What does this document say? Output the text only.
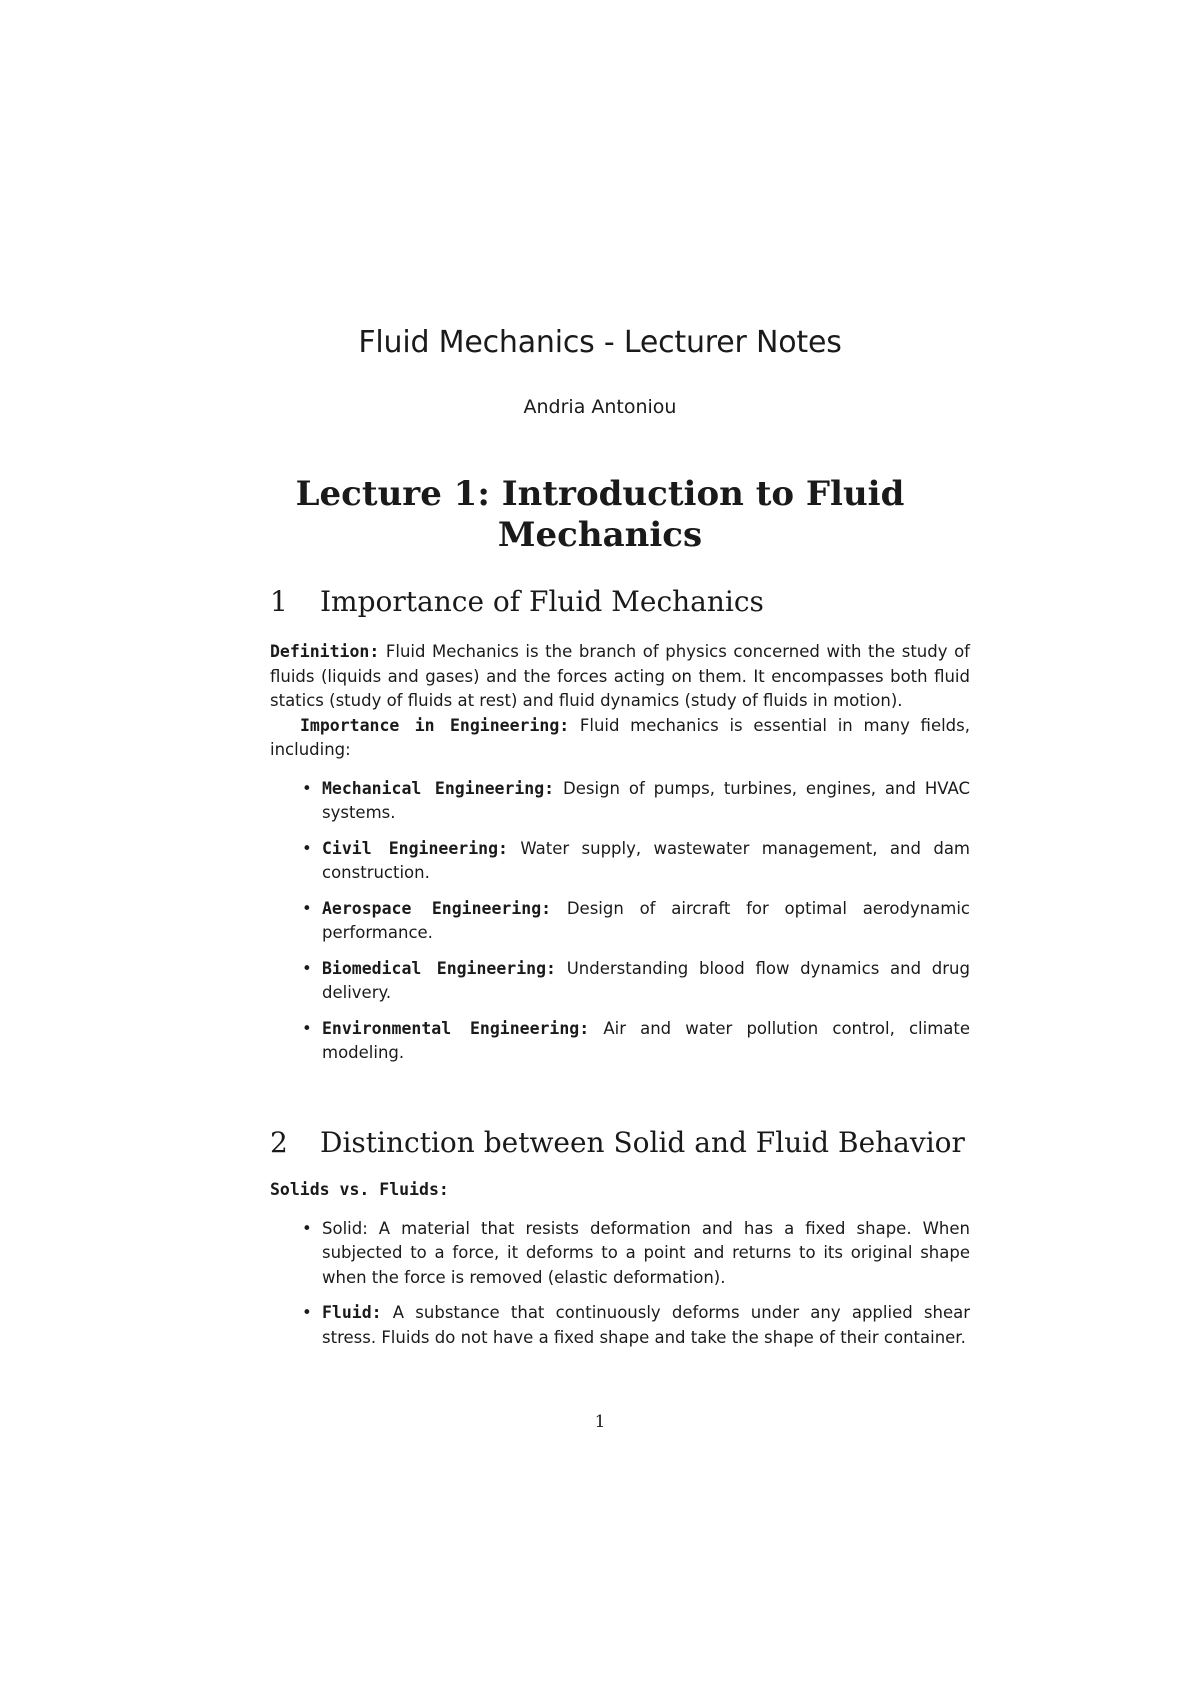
Fluid Mechanics - Lecturer Notes
Andria Antoniou
Lecture 1: Introduction to Fluid
Mechanics
1 Importance of Fluid Mechanics

Definition: Fluid Mechanics is the branch of physics concerned with the study of fluids (liquids and gases) and the forces acting on them. It encompasses both fluid statics (study of fluids at rest) and fluid dynamics (study of fluids in motion).

Importance in Engineering: Fluid mechanics is essential in many fields, including:

• Mechanical Engineering: Design of pumps, turbines, engines, and HVAC systems.
• Civil Engineering: Water supply, wastewater management, and dam construction.
• Aerospace Engineering: Design of aircraft for optimal aerodynamic performance.
• Biomedical Engineering: Understanding blood flow dynamics and drug delivery.
• Environmental Engineering: Air and water pollution control, climate modeling.
2 Distinction between Solid and Fluid Behavior

Solids vs. Fluids:

• Solid: A material that resists deformation and has a fixed shape. When subjected to a force, it deforms to a point and returns to its original shape when the force is removed (elastic deformation).
• Fluid: A substance that continuously deforms under any applied shear stress. Fluids do not have a fixed shape and take the shape of their container.
1
